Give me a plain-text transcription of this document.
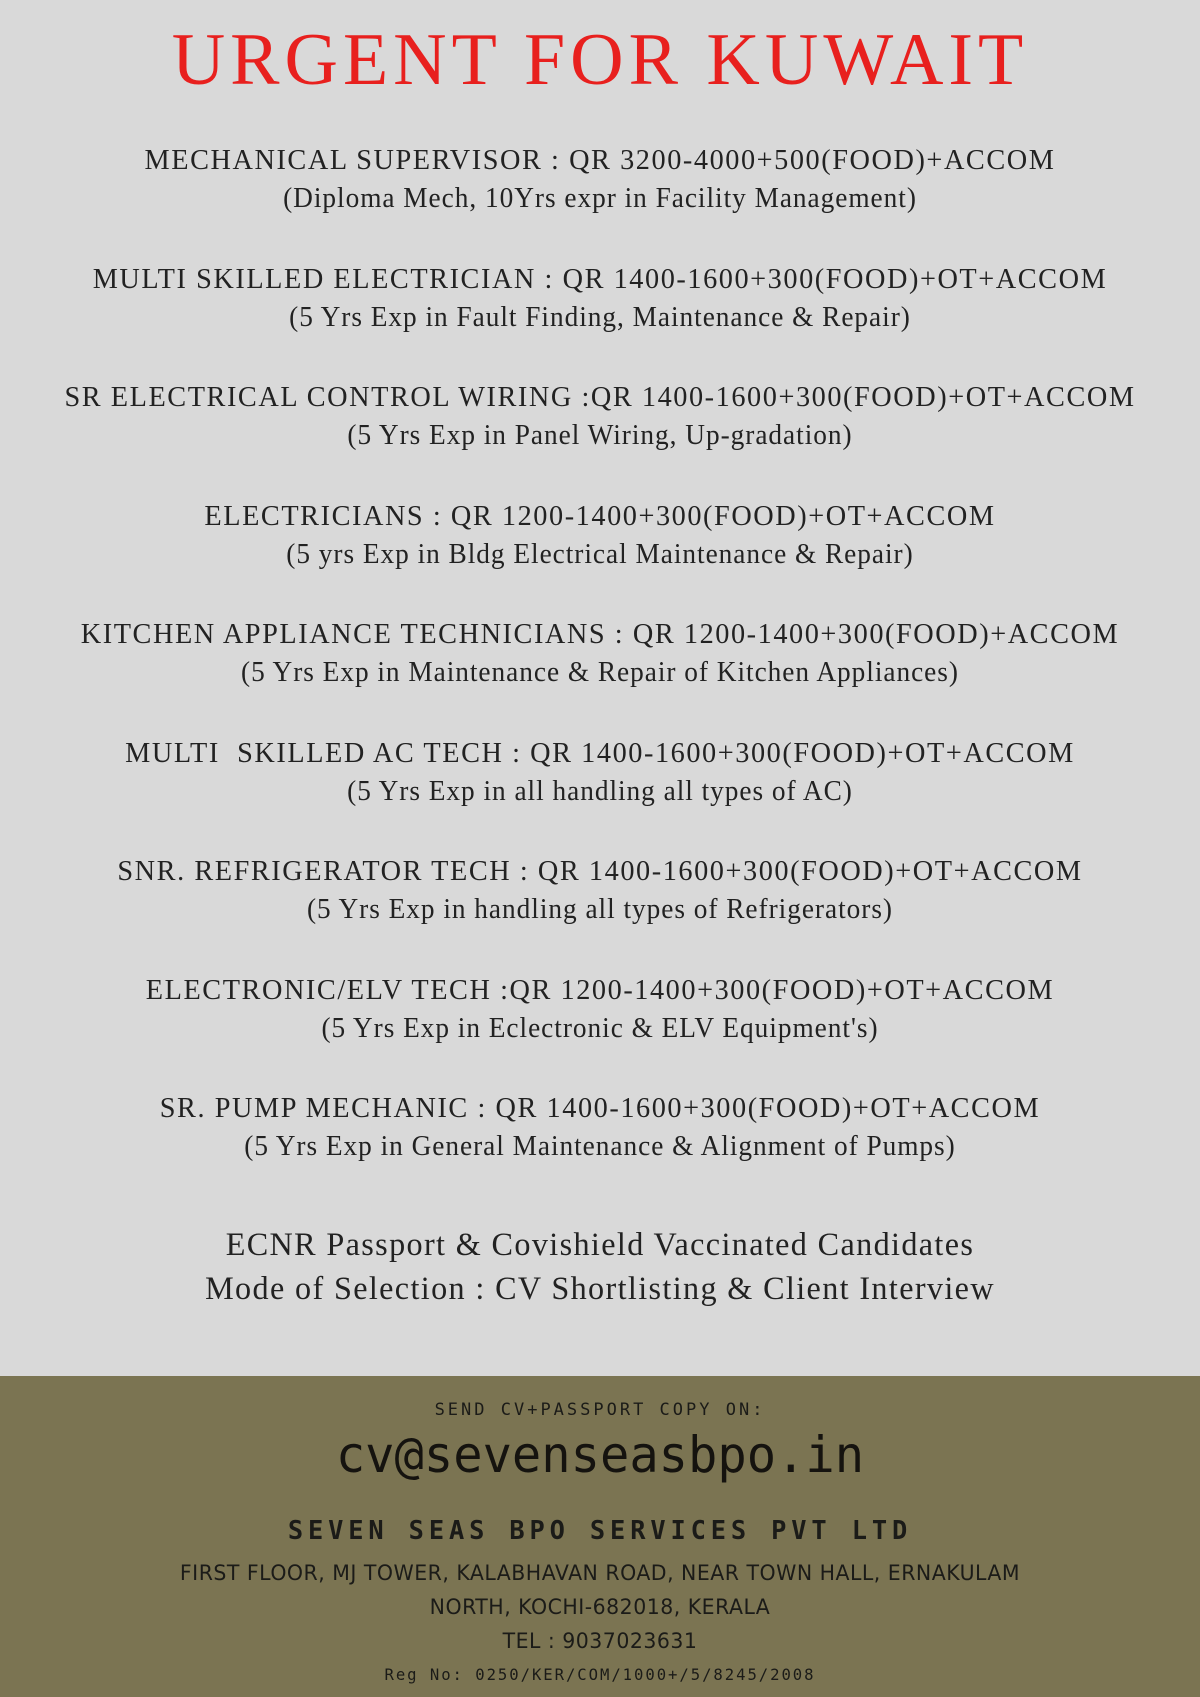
URGENT FOR KUWAIT
MECHANICAL SUPERVISOR : QR 3200-4000+500(FOOD)+ACCOM
(Diploma Mech, 10Yrs expr in Facility Management)
MULTI SKILLED ELECTRICIAN : QR 1400-1600+300(FOOD)+OT+ACCOM
(5 Yrs Exp in Fault Finding, Maintenance & Repair)
SR ELECTRICAL CONTROL WIRING :QR 1400-1600+300(FOOD)+OT+ACCOM
(5 Yrs Exp in Panel Wiring, Up-gradation)
ELECTRICIANS : QR 1200-1400+300(FOOD)+OT+ACCOM
(5 yrs Exp in Bldg Electrical Maintenance & Repair)
KITCHEN APPLIANCE TECHNICIANS : QR 1200-1400+300(FOOD)+ACCOM
(5 Yrs Exp in Maintenance & Repair of Kitchen Appliances)
MULTI  SKILLED AC TECH : QR 1400-1600+300(FOOD)+OT+ACCOM
(5 Yrs Exp in all handling all types of AC)
SNR. REFRIGERATOR TECH : QR 1400-1600+300(FOOD)+OT+ACCOM
(5 Yrs Exp in handling all types of Refrigerators)
ELECTRONIC/ELV TECH :QR 1200-1400+300(FOOD)+OT+ACCOM
(5 Yrs Exp in Eclectronic & ELV Equipment's)
SR. PUMP MECHANIC : QR 1400-1600+300(FOOD)+OT+ACCOM
(5 Yrs Exp in General Maintenance & Alignment of Pumps)
ECNR Passport & Covishield Vaccinated Candidates
Mode of Selection : CV Shortlisting & Client Interview
SEND CV+PASSPORT COPY ON:
cv@sevenseasbpo.in
SEVEN SEAS BPO SERVICES PVT LTD
FIRST FLOOR, MJ TOWER, KALABHAVAN ROAD, NEAR TOWN HALL, ERNAKULAM
NORTH, KOCHI-682018, KERALA
TEL : 9037023631
Reg No: 0250/KER/COM/1000+/5/8245/2008
